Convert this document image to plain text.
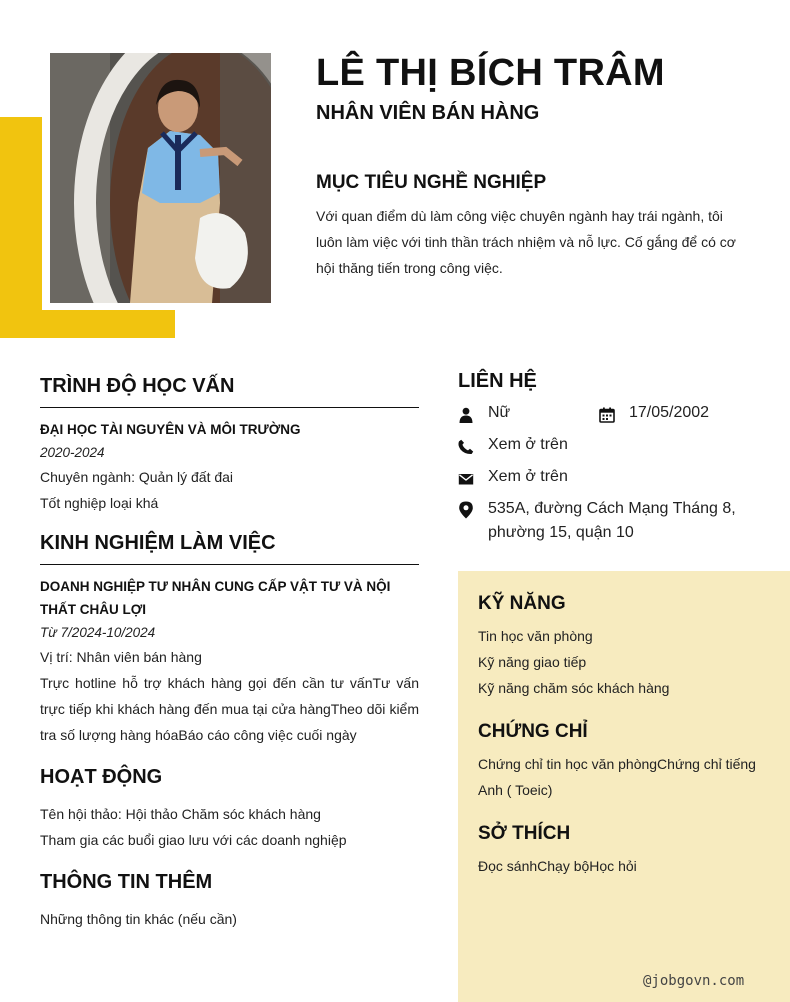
LÊ THỊ BÍCH TRÂM
NHÂN VIÊN BÁN HÀNG
MỤC TIÊU NGHỀ NGHIỆP
Với quan điểm dù làm công việc chuyên ngành hay trái ngành, tôi luôn làm việc với tinh thần trách nhiệm và nỗ lực. Cố gắng để có cơ hội thăng tiến trong công việc.
TRÌNH ĐỘ HỌC VẤN
ĐẠI HỌC TÀI NGUYÊN VÀ MÔI TRƯỜNG
2020-2024
Chuyên ngành: Quản lý đất đai
Tốt nghiệp loại khá
KINH NGHIỆM LÀM VIỆC
DOANH NGHIỆP TƯ NHÂN CUNG CẤP VẬT TƯ VÀ NỘI THẤT CHÂU LỢI
Từ 7/2024-10/2024
Vị trí: Nhân viên bán hàng
Trực hotline hỗ trợ khách hàng gọi đến cần tư vấnTư vấn trực tiếp khi khách hàng đến mua tại cửa hàngTheo dõi kiểm tra số lượng hàng hóaBáo cáo công việc cuối ngày
HOẠT ĐỘNG
Tên hội thảo: Hội thảo Chăm sóc khách hàng
Tham gia các buổi giao lưu với các doanh nghiệp
THÔNG TIN THÊM
Những thông tin khác (nếu cần)
LIÊN HỆ
Nữ	17/05/2002
Xem ở trên
Xem ở trên
535A, đường Cách Mạng Tháng 8, phường 15, quận 10
KỸ NĂNG
Tin học văn phòng
Kỹ năng giao tiếp
Kỹ năng chăm sóc khách hàng
CHỨNG CHỈ
Chứng chỉ tin học văn phòngChứng chỉ tiếng Anh ( Toeic)
SỞ THÍCH
Đọc sánhChạy bộHọc hỏi
@jobgovn.com
